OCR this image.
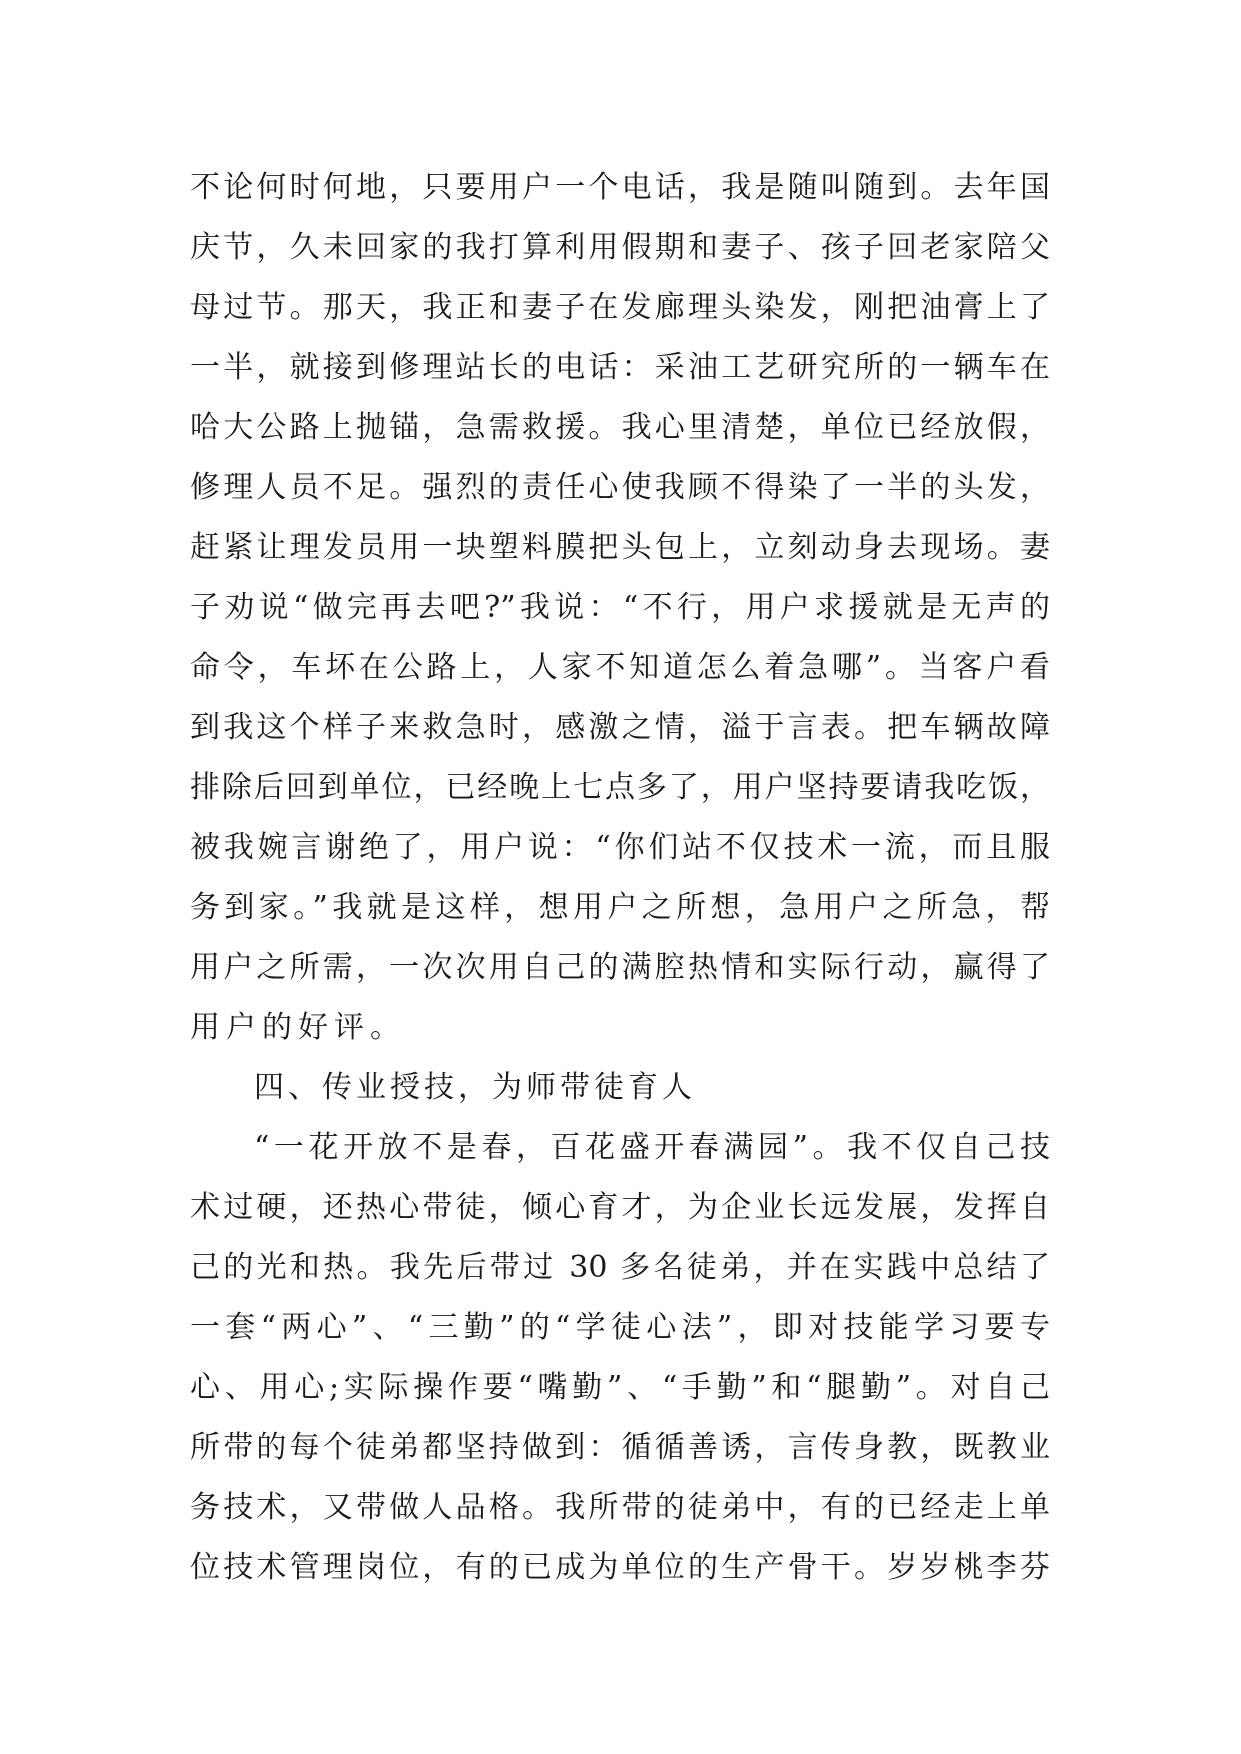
不论何时何地，只要用户一个电话，我是随叫随到。去年国
庆节，久未回家的我打算利用假期和妻子、孩子回老家陪父
母过节。那天，我正和妻子在发廊理头染发，刚把油膏上了
一半，就接到修理站长的电话：采油工艺研究所的一辆车在
哈大公路上抛锚，急需救援。我心里清楚，单位已经放假，
修理人员不足。强烈的责任心使我顾不得染了一半的头发，
赶紧让理发员用一块塑料膜把头包上，立刻动身去现场。妻
子劝说“做完再去吧?”我说：“不行，用户求援就是无声的
命令，车坏在公路上，人家不知道怎么着急哪”。当客户看
到我这个样子来救急时，感激之情，溢于言表。把车辆故障
排除后回到单位，已经晚上七点多了，用户坚持要请我吃饭，
被我婉言谢绝了，用户说：“你们站不仅技术一流，而且服
务到家。”我就是这样，想用户之所想，急用户之所急，帮
用户之所需，一次次用自己的满腔热情和实际行动，赢得了
用户的好评。
四、传业授技，为师带徒育人
“一花开放不是春，百花盛开春满园”。我不仅自己技
术过硬，还热心带徒，倾心育才，为企业长远发展，发挥自
己的光和热。我先后带过 30 多名徒弟，并在实践中总结了
一套“两心”、“三勤”的“学徒心法”，即对技能学习要专
心、用心;实际操作要“嘴勤”、“手勤”和“腿勤”。对自己
所带的每个徒弟都坚持做到：循循善诱，言传身教，既教业
务技术，又带做人品格。我所带的徒弟中，有的已经走上单
位技术管理岗位，有的已成为单位的生产骨干。岁岁桃李芬
